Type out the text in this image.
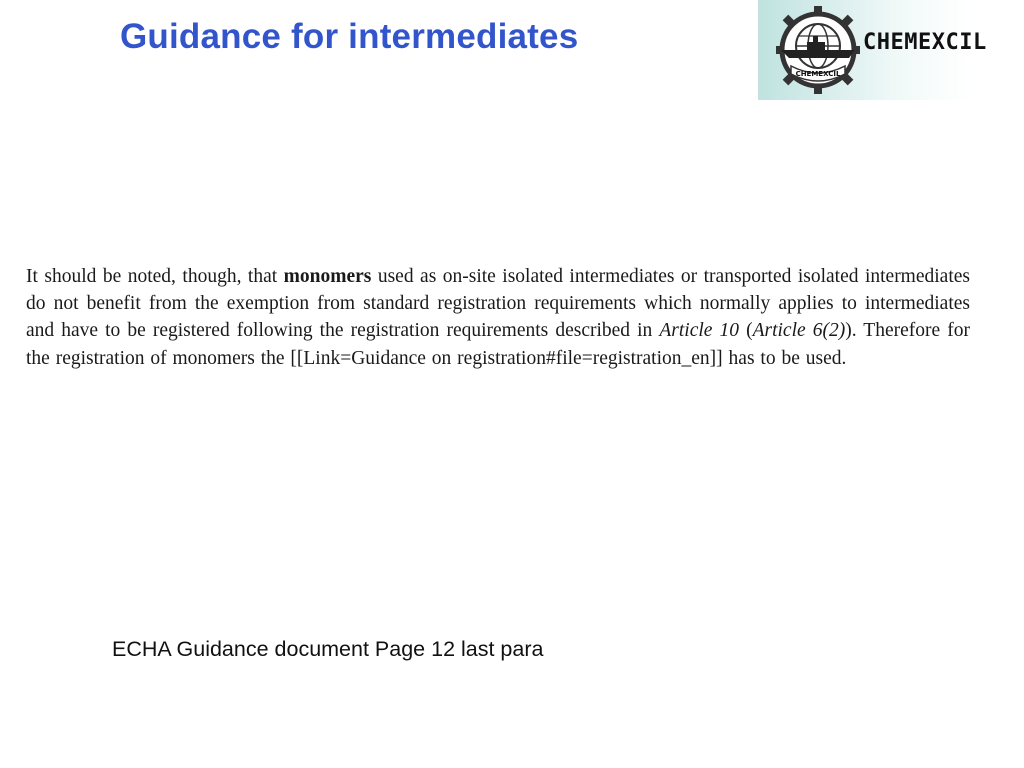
Guidance for intermediates
CHEMEXCIL
CHEMEXCIL

It should be noted, though, that monomers used as on-site isolated intermediates or transported isolated intermediates do not benefit from the exemption from standard registration requirements which normally applies to intermediates and have to be registered following the registration requirements described in Article 10 (Article 6(2)). Therefore for the registration of monomers the [[Link=Guidance on registration#file=registration_en]] has to be used.

ECHA Guidance document Page 12 last para
